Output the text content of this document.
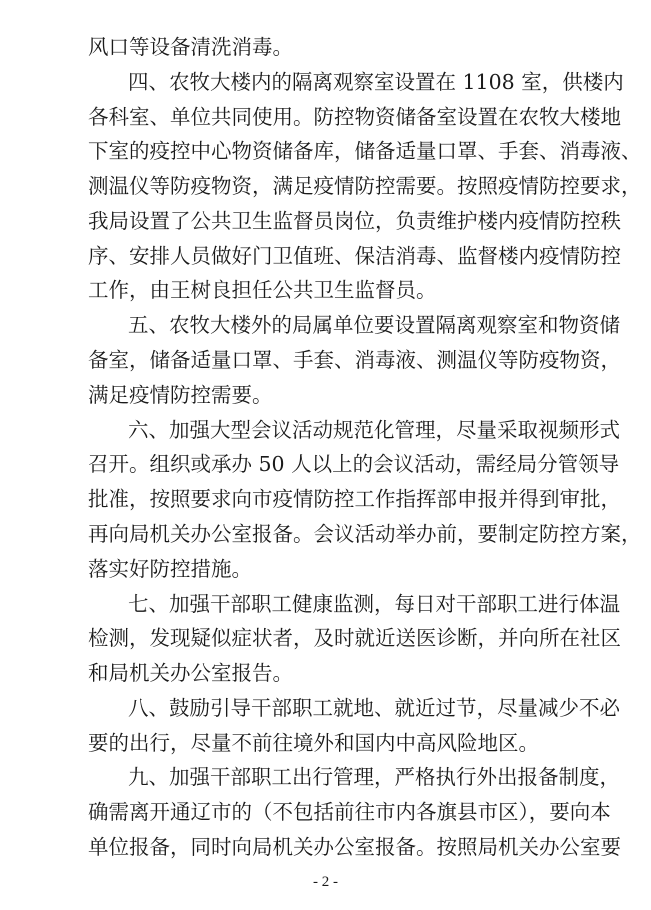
风口等设备清洗消毒。
四、农牧大楼内的隔离观察室设置在 1108 室，供楼内
各科室、单位共同使用。防控物资储备室设置在农牧大楼地
下室的疫控中心物资储备库，储备适量口罩、手套、消毒液、
测温仪等防疫物资，满足疫情防控需要。按照疫情防控要求，
我局设置了公共卫生监督员岗位，负责维护楼内疫情防控秩
序、安排人员做好门卫值班、保洁消毒、监督楼内疫情防控
工作，由王树良担任公共卫生监督员。
五、农牧大楼外的局属单位要设置隔离观察室和物资储
备室，储备适量口罩、手套、消毒液、测温仪等防疫物资，
满足疫情防控需要。
六、加强大型会议活动规范化管理，尽量采取视频形式
召开。组织或承办 50 人以上的会议活动，需经局分管领导
批准，按照要求向市疫情防控工作指挥部申报并得到审批，
再向局机关办公室报备。会议活动举办前，要制定防控方案，
落实好防控措施。
七、加强干部职工健康监测，每日对干部职工进行体温
检测，发现疑似症状者，及时就近送医诊断，并向所在社区
和局机关办公室报告。
八、鼓励引导干部职工就地、就近过节，尽量减少不必
要的出行，尽量不前往境外和国内中高风险地区。
九、加强干部职工出行管理，严格执行外出报备制度，
确需离开通辽市的（不包括前往市内各旗县市区），要向本
单位报备，同时向局机关办公室报备。按照局机关办公室要
- 2 -
